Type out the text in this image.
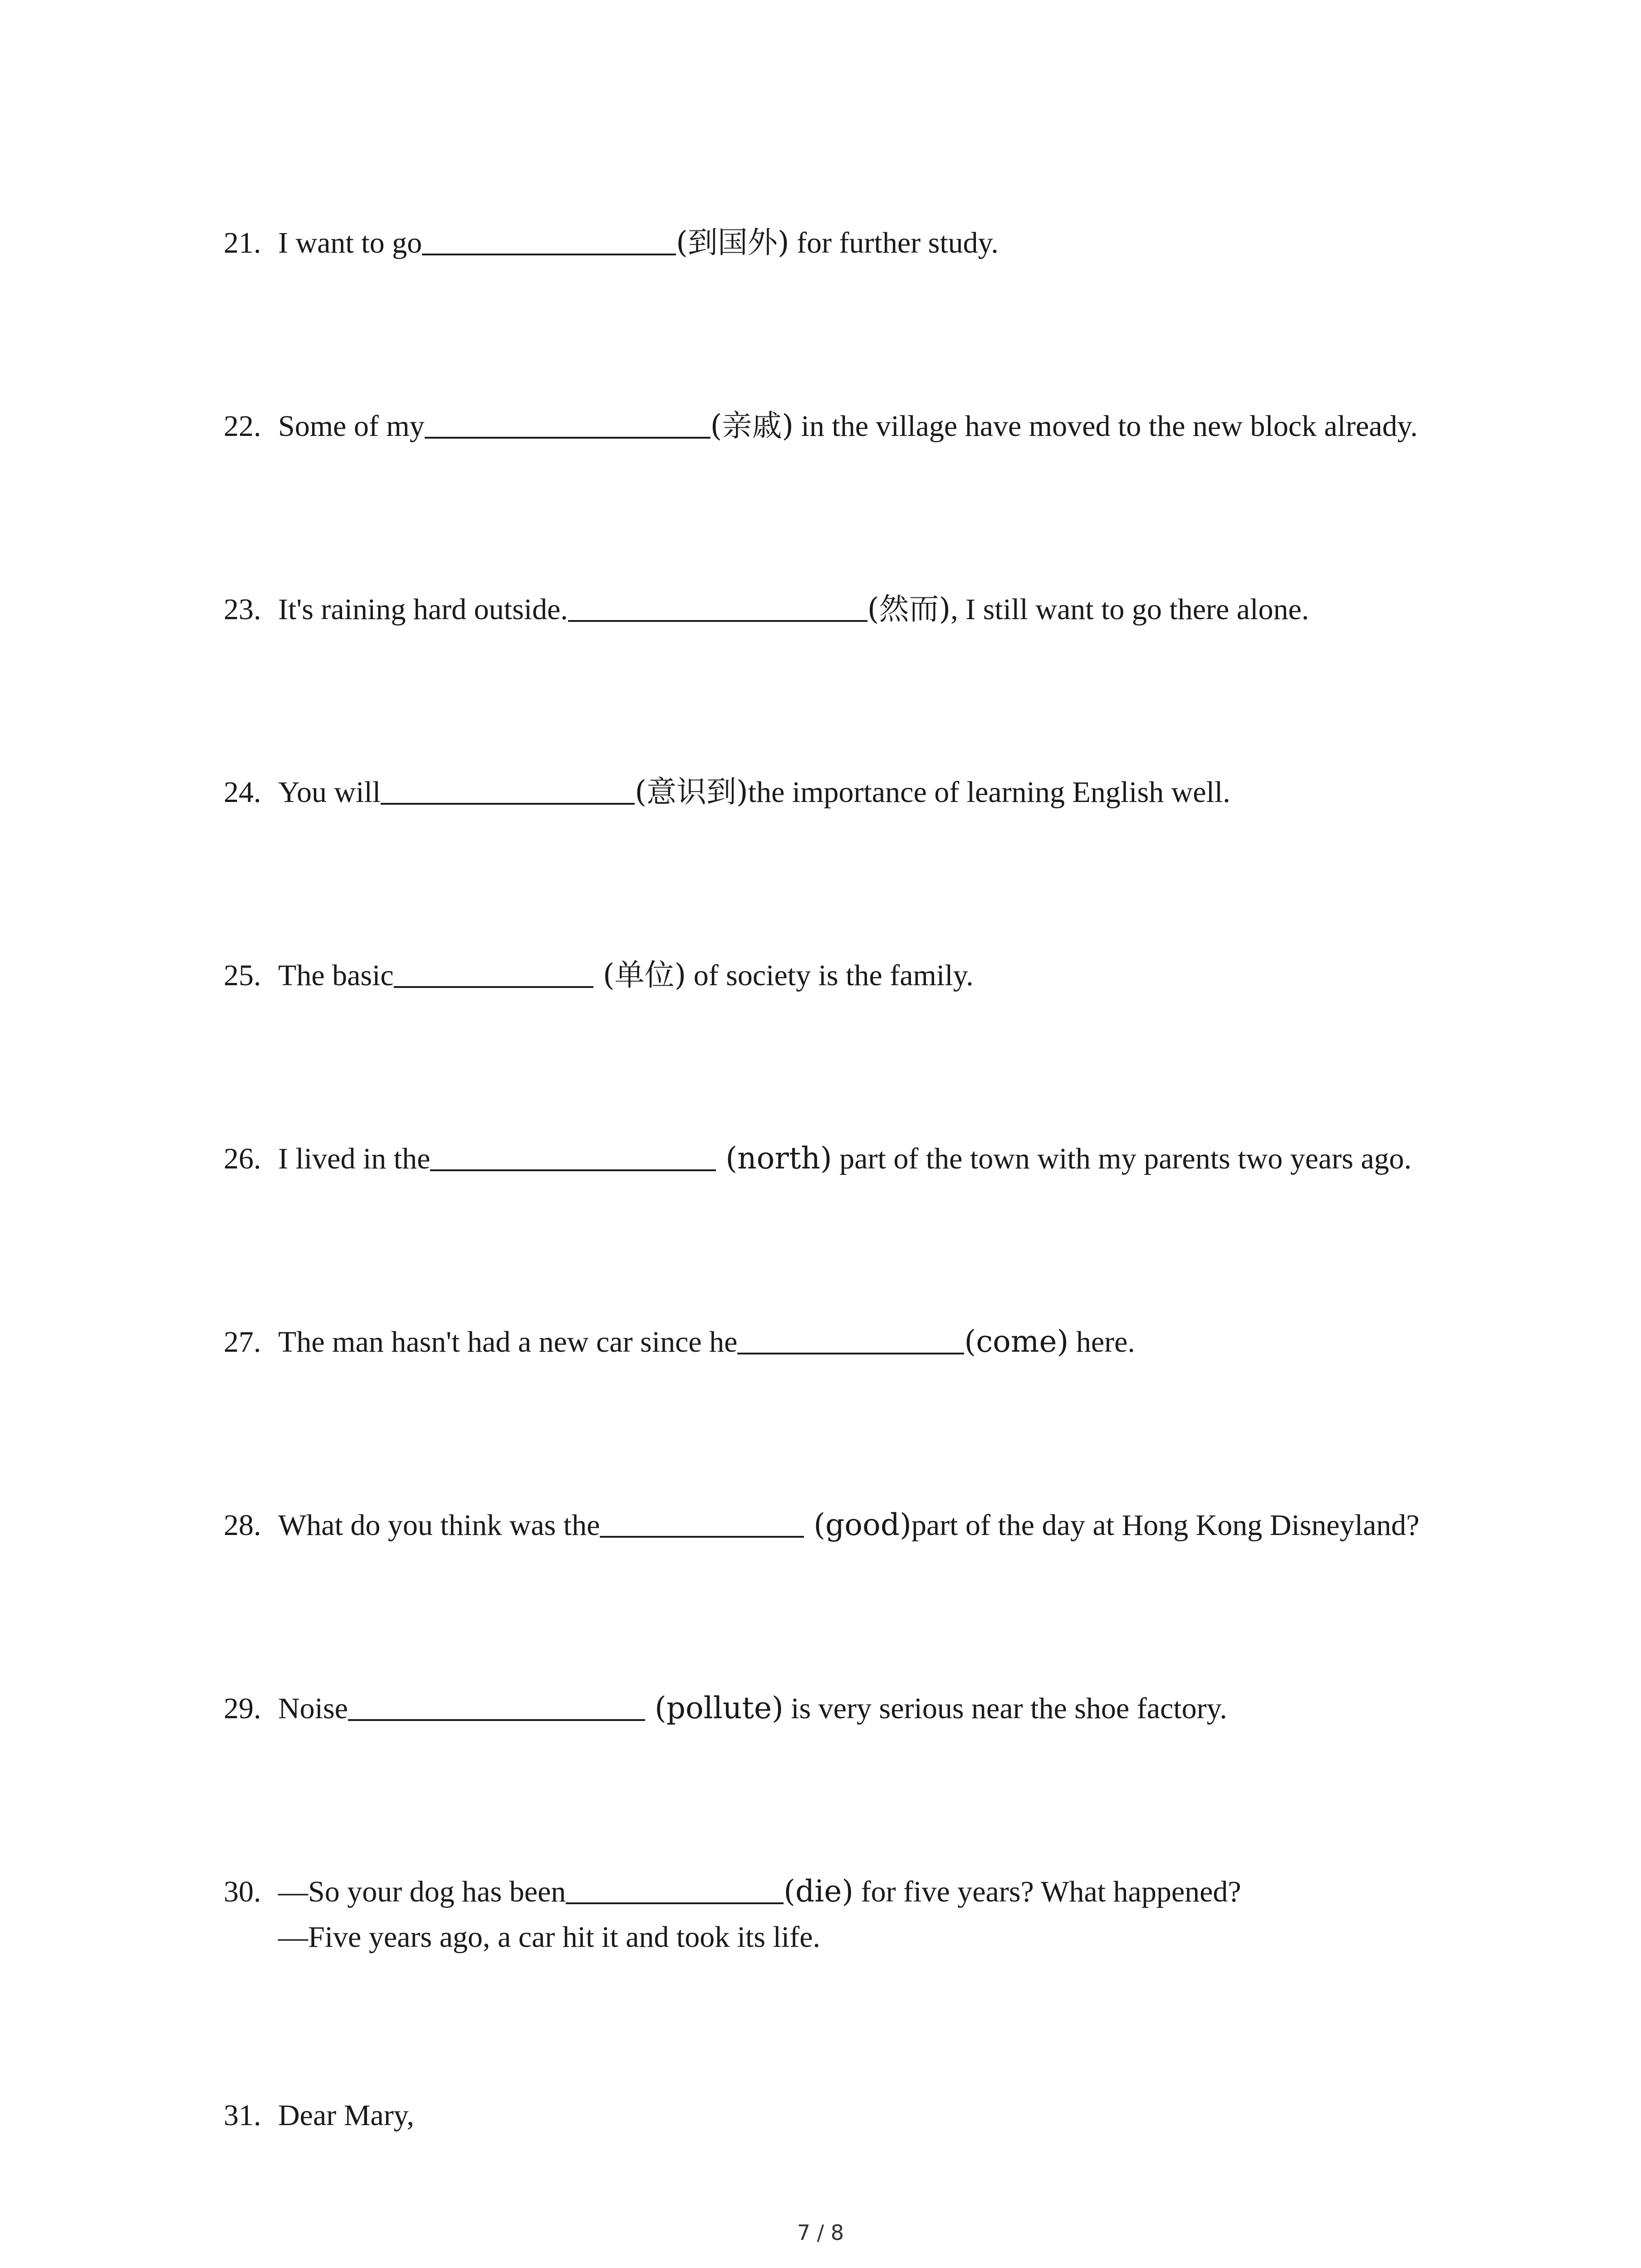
21. I want to go	(到国外) for further study.
22. Some of my	(亲戚) in the village have moved to the new block already.
23. It's raining hard outside.	(然而), I still want to go there alone.
24. You will	(意识到)the importance of learning English well.
25. The basic	(单位) of society is the family.
26. I lived in the	(north) part of the town with my parents two years ago.
27. The man hasn't had a new car since he	(come) here.
28. What do you think was the	(good)part of the day at Hong Kong Disneyland?
29. Noise	(pollute) is very serious near the shoe factory.
30. —So your dog has been	(die) for five years? What happened?
—Five years ago, a car hit it and took its life.
31. Dear Mary,
7 / 8
